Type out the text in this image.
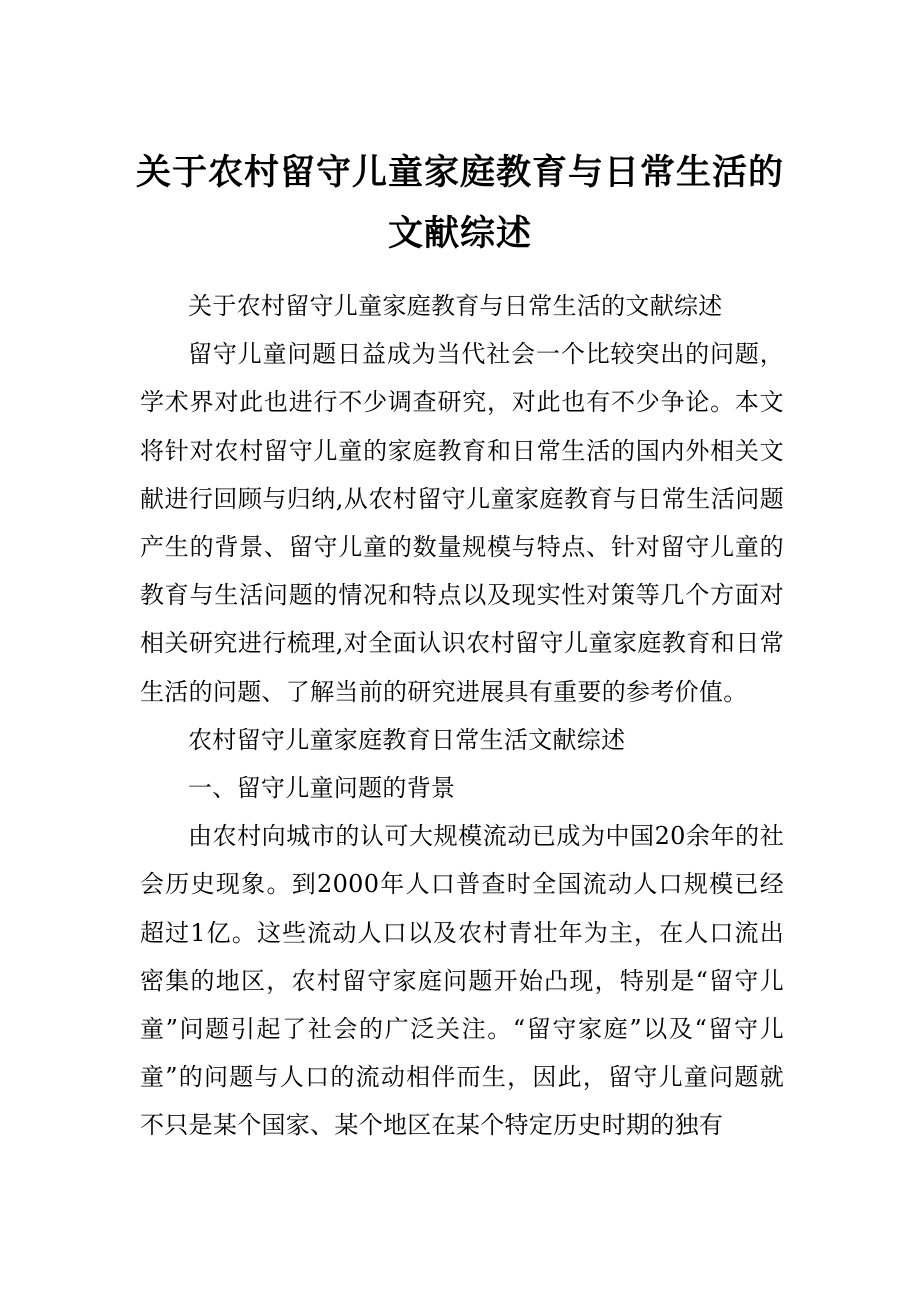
关于农村留守儿童家庭教育与日常生活的
文献综述

关于农村留守儿童家庭教育与日常生活的文献综述

留守儿童问题日益成为当代社会一个比较突出的问题，学术界对此也进行不少调查研究，对此也有不少争论。本文将针对农村留守儿童的家庭教育和日常生活的国内外相关文献进行回顾与归纳,从农村留守儿童家庭教育与日常生活问题产生的背景、留守儿童的数量规模与特点、针对留守儿童的教育与生活问题的情况和特点以及现实性对策等几个方面对相关研究进行梳理,对全面认识农村留守儿童家庭教育和日常生活的问题、了解当前的研究进展具有重要的参考价值。

农村留守儿童家庭教育日常生活文献综述

一、留守儿童问题的背景

由农村向城市的认可大规模流动已成为中国20余年的社会历史现象。到2000年人口普查时全国流动人口规模已经超过1亿。这些流动人口以及农村青壮年为主，在人口流出密集的地区，农村留守家庭问题开始凸现，特别是“留守儿童”问题引起了社会的广泛关注。“留守家庭”以及“留守儿童”的问题与人口的流动相伴而生，因此，留守儿童问题就不只是某个国家、某个地区在某个特定历史时期的独有
